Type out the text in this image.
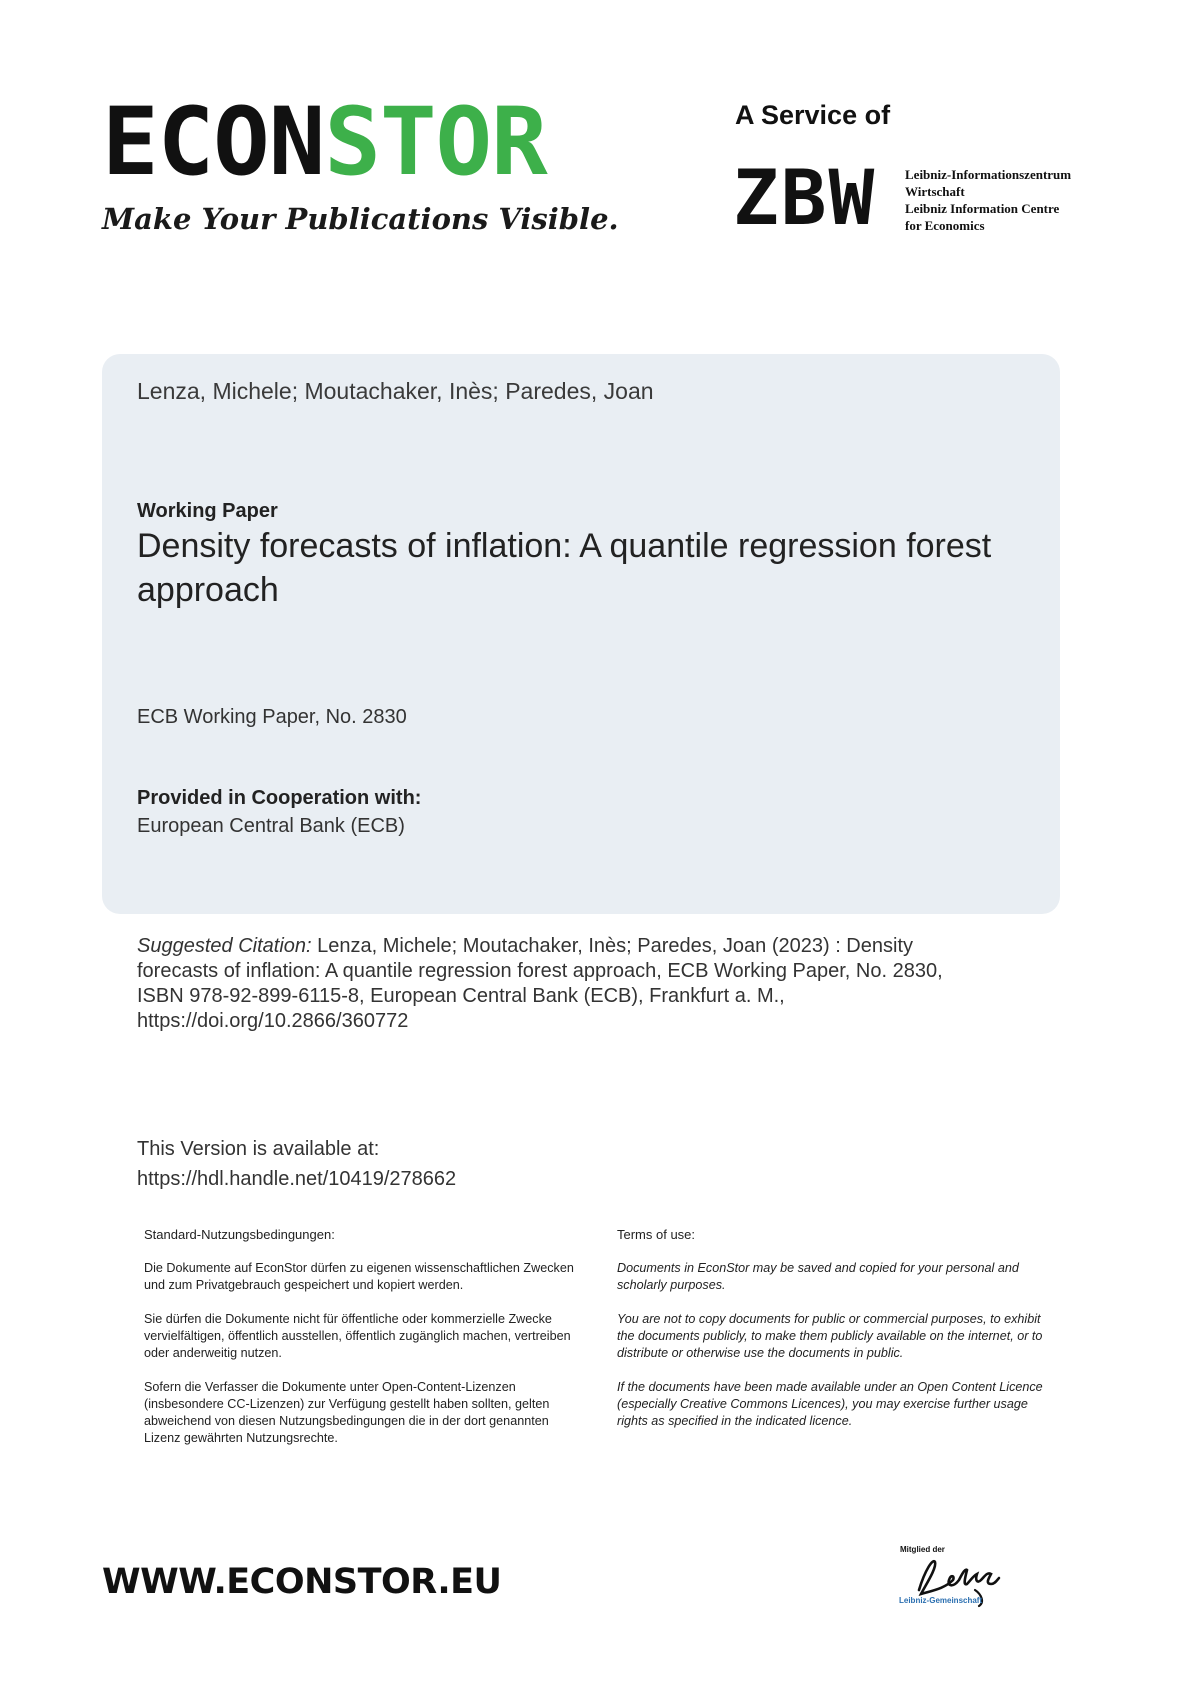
ECONSTOR
Make Your Publications Visible.
A Service of
ZBW Leibniz-Informationszentrum
Wirtschaft
Leibniz Information Centre
for Economics
Lenza, Michele; Moutachaker, Inès; Paredes, Joan
Working Paper
Density forecasts of inflation: A quantile regression forest approach
ECB Working Paper, No. 2830
Provided in Cooperation with:
European Central Bank (ECB)
Suggested Citation: Lenza, Michele; Moutachaker, Inès; Paredes, Joan (2023) : Density forecasts of inflation: A quantile regression forest approach, ECB Working Paper, No. 2830, ISBN 978-92-899-6115-8, European Central Bank (ECB), Frankfurt a. M., https://doi.org/10.2866/360772
This Version is available at:
https://hdl.handle.net/10419/278662
Standard-Nutzungsbedingungen:

Die Dokumente auf EconStor dürfen zu eigenen wissenschaftlichen Zwecken und zum Privatgebrauch gespeichert und kopiert werden.

Sie dürfen die Dokumente nicht für öffentliche oder kommerzielle Zwecke vervielfältigen, öffentlich ausstellen, öffentlich zugänglich machen, vertreiben oder anderweitig nutzen.

Sofern die Verfasser die Dokumente unter Open-Content-Lizenzen (insbesondere CC-Lizenzen) zur Verfügung gestellt haben sollten, gelten abweichend von diesen Nutzungsbedingungen die in der dort genannten Lizenz gewährten Nutzungsrechte.

Terms of use:

Documents in EconStor may be saved and copied for your personal and scholarly purposes.

You are not to copy documents for public or commercial purposes, to exhibit the documents publicly, to make them publicly available on the internet, or to distribute or otherwise use the documents in public.

If the documents have been made available under an Open Content Licence (especially Creative Commons Licences), you may exercise further usage rights as specified in the indicated licence.

WWW.ECONSTOR.EU
Mitglied der
Leibniz-Gemeinschaft
